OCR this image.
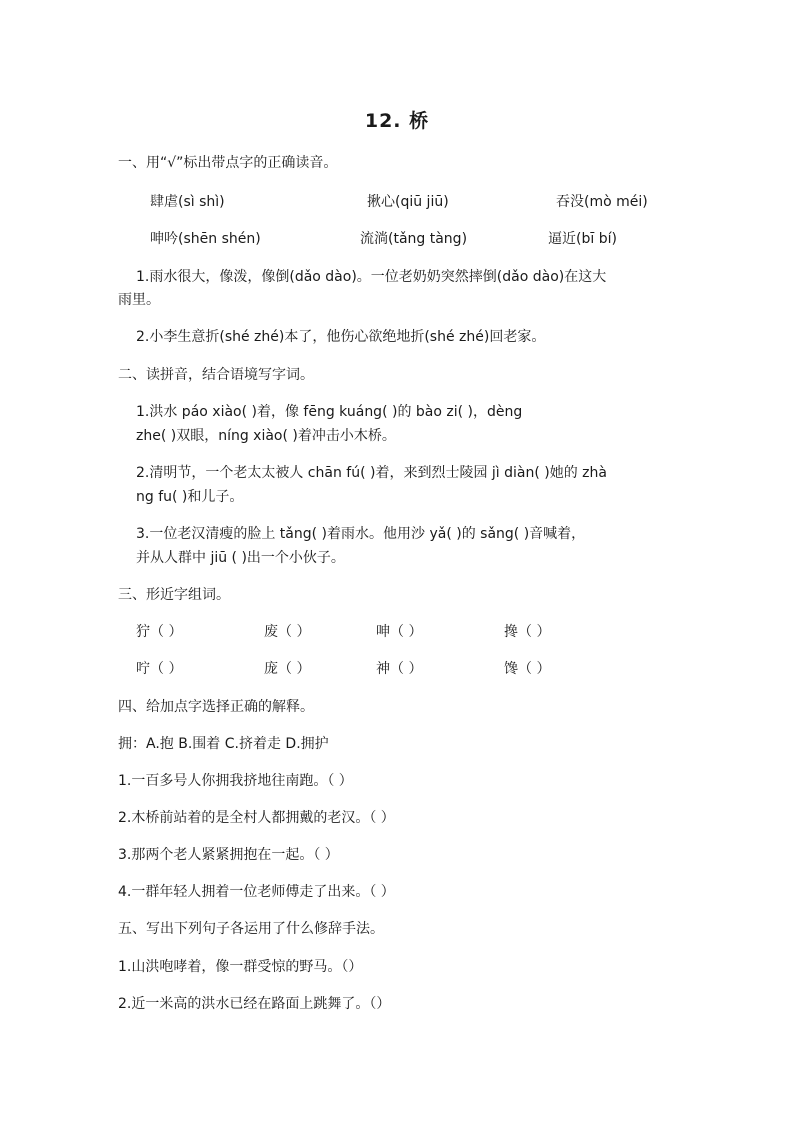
12. 桥
一、用“√”标出带点字的正确读音。
肆虐(sì shì)	揪心(qiū jiū)	吞没(mò méi)
呻吟(shēn shén)	流淌(tǎng tàng)	逼近(bī bí)
1.雨水很大，像泼，像倒(dǎo dào)。一位老奶奶突然摔倒(dǎo dào)在这大
雨里。
2.小李生意折(shé zhé)本了，他伤心欲绝地折(shé zhé)回老家。
二、读拼音，结合语境写字词。
1.洪水 páo xiào( )着，像 fēng kuáng( )的 bào zi( )，dèng
zhe( )双眼，níng xiào( )着冲击小木桥。
2.清明节，一个老太太被人 chān fú( )着，来到烈士陵园 jì diàn( )她的 zhà
ng fu( )和儿子。
3.一位老汉清瘦的脸上 tǎng( )着雨水。他用沙 yǎ( )的 sǎng( )音喊着，
并从人群中 jiū ( )出一个小伙子。
三、形近字组词。
狞（ ）	废（ ）	呻（ ）	搀（ ）
咛（ ）	庞（ ）	神（ ）	馋（ ）
四、给加点字选择正确的解释。
拥：A.抱 B.围着 C.挤着走 D.拥护
1.一百多号人你拥我挤地往南跑。（ ）
2.木桥前站着的是全村人都拥戴的老汉。（ ）
3.那两个老人紧紧拥抱在一起。（ ）
4.一群年轻人拥着一位老师傅走了出来。（ ）
五、写出下列句子各运用了什么修辞手法。
1.山洪咆哮着，像一群受惊的野马。（）
2.近一米高的洪水已经在路面上跳舞了。（）
